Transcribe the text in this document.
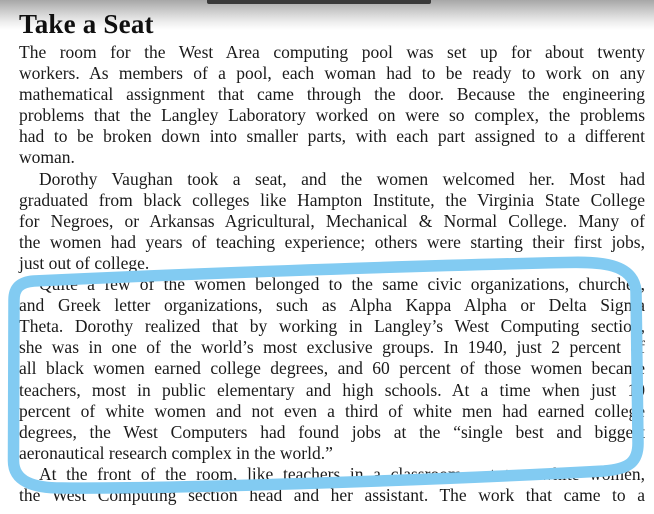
Take a Seat
The room for the West Area computing pool was set up for about twenty
workers. As members of a pool, each woman had to be ready to work on any
mathematical assignment that came through the door. Because the engineering
problems that the Langley Laboratory worked on were so complex, the problems
had to be broken down into smaller parts, with each part assigned to a different
woman.
Dorothy Vaughan took a seat, and the women welcomed her. Most had
graduated from black colleges like Hampton Institute, the Virginia State College
for Negroes, or Arkansas Agricultural, Mechanical & Normal College. Many of
the women had years of teaching experience; others were starting their first jobs,
just out of college.
Quite a few of the women belonged to the same civic organizations, churches,
and Greek letter organizations, such as Alpha Kappa Alpha or Delta Sigma
Theta. Dorothy realized that by working in Langley’s West Computing section,
she was in one of the world’s most exclusive groups. In 1940, just 2 percent of
all black women earned college degrees, and 60 percent of those women became
teachers, most in public elementary and high schools. At a time when just 10
percent of white women and not even a third of white men had earned college
degrees, the West Computers had found jobs at the “single best and biggest
aeronautical research complex in the world.”
At the front of the room, like teachers in a classroom, sat two white women,
the West Computing section head and her assistant. The work that came to a
